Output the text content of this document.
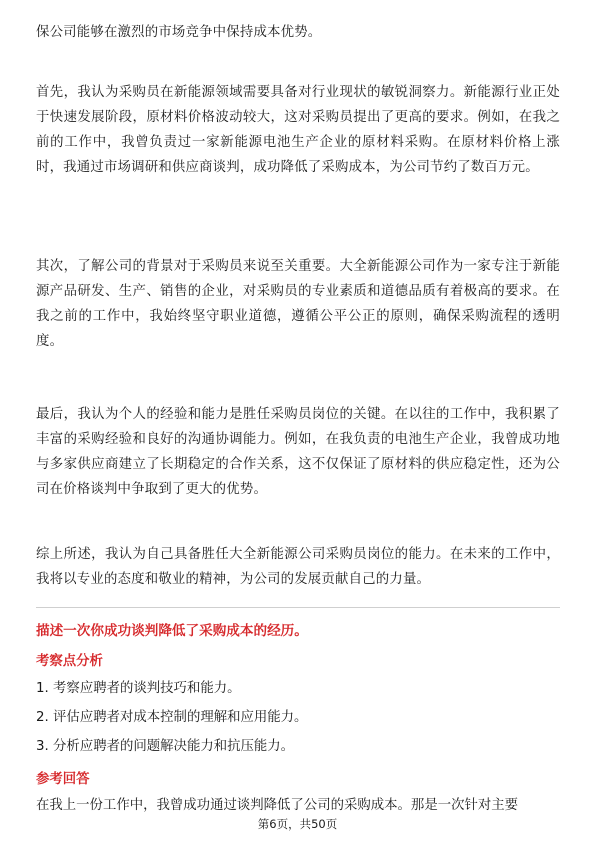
保公司能够在激烈的市场竞争中保持成本优势。

首先，我认为采购员在新能源领域需要具备对行业现状的敏锐洞察力。新能源行业正处于快速发展阶段，原材料价格波动较大，这对采购员提出了更高的要求。例如，在我之前的工作中，我曾负责过一家新能源电池生产企业的原材料采购。在原材料价格上涨时，我通过市场调研和供应商谈判，成功降低了采购成本，为公司节约了数百万元。

其次，了解公司的背景对于采购员来说至关重要。大全新能源公司作为一家专注于新能源产品研发、生产、销售的企业，对采购员的专业素质和道德品质有着极高的要求。在我之前的工作中，我始终坚守职业道德，遵循公平公正的原则，确保采购流程的透明度。

最后，我认为个人的经验和能力是胜任采购员岗位的关键。在以往的工作中，我积累了丰富的采购经验和良好的沟通协调能力。例如，在我负责的电池生产企业，我曾成功地与多家供应商建立了长期稳定的合作关系，这不仅保证了原材料的供应稳定性，还为公司在价格谈判中争取到了更大的优势。

综上所述，我认为自己具备胜任大全新能源公司采购员岗位的能力。在未来的工作中，我将以专业的态度和敬业的精神，为公司的发展贡献自己的力量。

描述一次你成功谈判降低了采购成本的经历。

考察点分析

1. 考察应聘者的谈判技巧和能力。

2. 评估应聘者对成本控制的理解和应用能力。

3. 分析应聘者的问题解决能力和抗压能力。

参考回答

在我上一份工作中，我曾成功通过谈判降低了公司的采购成本。那是一次针对主要

第6页，共50页
